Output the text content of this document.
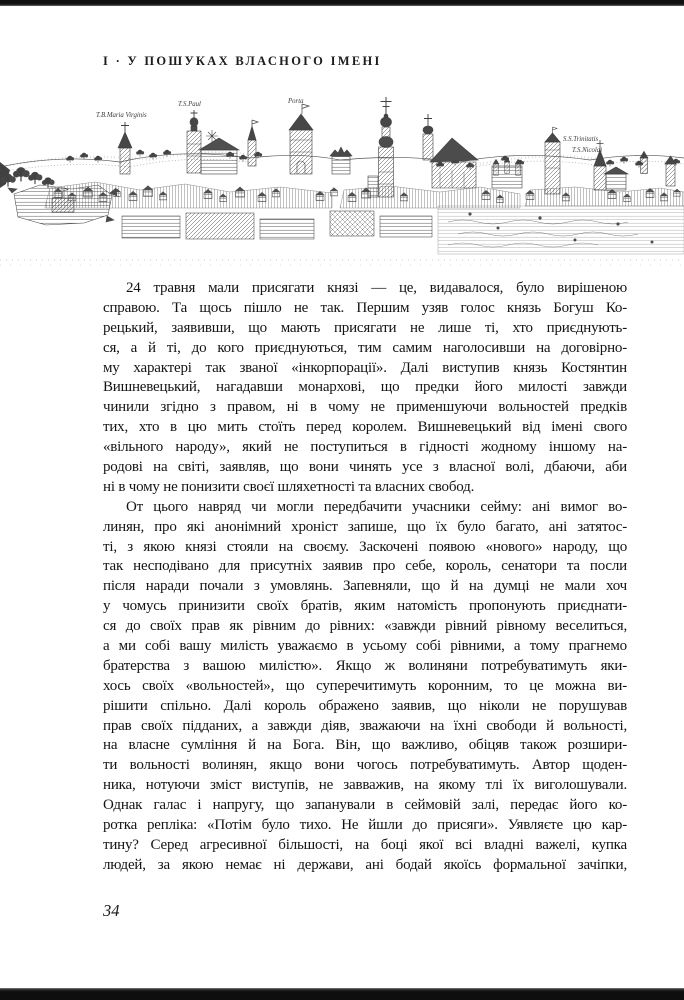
І · У ПОШУКАХ ВЛАСНОГО ІМЕНІ
T.B.Maria Virginis
T.S.Paul	Porta
S.S.Trinitatis
T.S.Nicolai
24 травня мали присягати князі — це, видавалося, було вирішеною
справою. Та щось пішло не так. Першим узяв голос князь Богуш Ко-
рецький, заявивши, що мають присягати не лише ті, хто приєднують-
ся, а й ті, до кого приєднуються, тим самим наголосивши на договірно-
му характері так званої «інкорпорації». Далі виступив князь Костянтин
Вишневецький, нагадавши монархові, що предки його милості завжди
чинили згідно з правом, ні в чому не применшуючи вольностей предків
тих, хто в цю мить стоїть перед королем. Вишневецький від імені свого
«вільного народу», який не поступиться в гідності жодному іншому на-
родові на світі, заявляв, що вони чинять усе з власної волі, дбаючи, аби
ні в чому не понизити своєї шляхетності та власних свобод.
От цього навряд чи могли передбачити учасники сейму: ані вимог во-
линян, про які анонімний хроніст запише, що їх було багато, ані затятос-
ті, з якою князі стояли на своєму. Заскочені появою «нового» народу, що
так несподівано для присутніх заявив про себе, король, сенатори та посли
після наради почали з умовлянь. Запевняли, що й на думці не мали хоч
у чомусь принизити своїх братів, яким натомість пропонують приєднати-
ся до своїх прав як рівним до рівних: «завжди рівний рівному веселиться,
а ми собі вашу милість уважаємо в усьому собі рівними, а тому прагнемо
братерства з вашою милістю». Якщо ж волиняни потребуватимуть яки-
хось своїх «вольностей», що суперечитимуть коронним, то це можна ви-
рішити спільно. Далі король ображено заявив, що ніколи не порушував
прав своїх підданих, а завжди діяв, зважаючи на їхні свободи й вольності,
на власне сумління й на Бога. Він, що важливо, обіцяв також розшири-
ти вольності волинян, якщо вони чогось потребуватимуть. Автор щоден-
ника, нотуючи зміст виступів, не завважив, на якому тлі їх виголошували.
Однак галас і напругу, що запанували в сеймовій залі, передає його ко-
ротка репліка: «Потім було тихо. Не йшли до присяги». Уявляєте цю кар-
тину? Серед агресивної більшості, на боці якої всі владні важелі, купка
людей, за якою немає ні держави, ані бодай якоїсь формальної зачіпки,
34
